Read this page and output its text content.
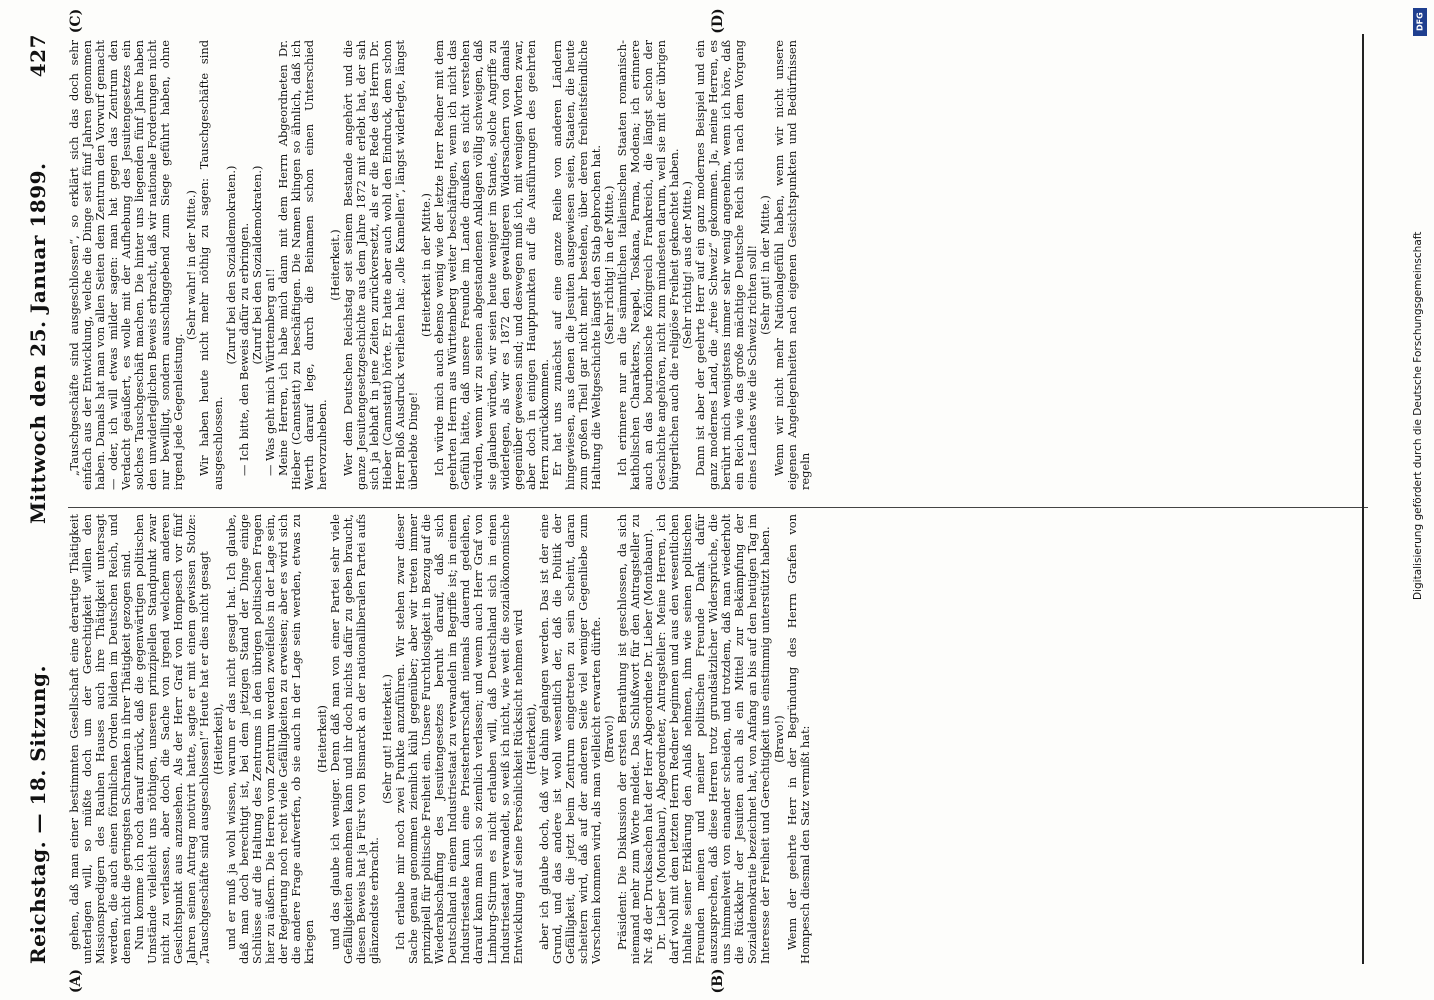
Reichstag. — 18. Sitzung.
Mittwoch den 25. Januar 1899.
427
(A)	(B)
(C)	(D)

gehen, daß man einer bestimmten Gesellschaft eine derartige Thätigkeit unterlagen will, so müßte doch um der Gerechtigkeit willen den Missionspredigern des Rauhen Hauses auch ihre Thätigkeit untersagt werden, die auch einen förmlichen Orden bilden im Deutschen Reich, und denen nicht die geringsten Schranken in ihrer Thätigkeit gezogen sind. Nun komme ich noch darauf zurück, daß die gegenwärtigen politischen Umstände vielleicht uns nöthigen, unseren prinzipiellen Standpunkt zwar nicht zu verlassen, aber doch die Sache von irgend welchem anderen Gesichtspunkt aus anzusehen. Als der Herr Graf von Hompesch vor fünf Jahren seinen Antrag motivirt hatte, sagte er mit einem gewissen Stolze: „Tauschgeschäfte sind ausgeschlossen!“ Heute hat er dies nicht gesagt (Heiterkeit), und er muß ja wohl wissen, warum er das nicht gesagt hat. Ich glaube, daß man doch berechtigt ist, bei dem jetzigen Stand der Dinge einige Schlüsse auf die Haltung des Zentrums in den übrigen politischen Fragen hier zu äußern. Die Herren vom Zentrum werden zweifellos in der Lage sein, der Regierung noch recht viele Gefälligkeiten zu erweisen; aber es wird sich die andere Frage aufwerfen, ob sie auch in der Lage sein werden, etwas zu kriegen

(Heiterkeit) und das glaube ich weniger. Denn daß man von einer Partei sehr viele Gefälligkeiten annehmen kann und ihr doch nichts dafür zu geben braucht, diesen Beweis hat ja Fürst von Bismarck an der nationalliberalen Partei aufs glänzendste erbracht.

(Sehr gut! Heiterkeit.) Ich erlaube mir noch zwei Punkte anzuführen. Wir stehen zwar dieser Sache genau genommen ziemlich kühl gegenüber; aber wir treten immer prinzipiell für politische Freiheit ein. Unsere Furchtlosigkeit in Bezug auf die Wiederabschaffung des Jesuitengesetzes beruht darauf, daß sich Deutschland in einem Industriestaat zu verwandeln im Begriffe ist; in einem Industriestaate kann eine Priesterherrschaft niemals dauernd gedeihen, darauf kann man sich so ziemlich verlassen; und wenn auch Herr Graf von Limburg-Stirum es nicht erlauben will, daß Deutschland sich in einen Industriestaat verwandelt, so weiß ich nicht, wie weit die sozialökonomische Entwicklung auf seine Persönlichkeit Rücksicht nehmen wird (Heiterkeit), aber ich glaube doch, daß wir dahin gelangen werden. Das ist der eine Grund, und das andere ist wohl wesentlich der, daß die Politik der Gefälligkeit, die jetzt beim Zentrum eingetreten zu sein scheint, daran scheitern wird, daß auf der anderen Seite viel weniger Gegenliebe zum Vorschein kommen wird, als man vielleicht erwarten dürfte. (Bravo!) Präsident: Die Diskussion der ersten Berathung ist geschlossen, da sich niemand mehr zum Worte meldet. Das Schlußwort für den Antragsteller zu Nr. 48 der Drucksachen hat der Herr Abgeordnete Dr. Lieber (Montabaur). Dr. Lieber (Montabaur), Abgeordneter, Antragsteller: Meine Herren, ich darf wohl mit dem letzten Herrn Redner beginnen und aus den wesentlichen Inhalte seiner Erklärung den Anlaß nehmen, ihm wie seinen politischen Freunden meinen und meiner politischen Freunde Dank dafür auszusprechen, daß diese Herren trotz grundsätzlicher Widersprüche, die uns himmelweit von einander scheiden, und trotzdem, daß man wiederholt die Rückkehr der Jesuiten auch als ein Mittel zur Bekämpfung der Sozialdemokratie bezeichnet hat, von Anfang an bis auf den heutigen Tag im Interesse der Freiheit und Gerechtigkeit uns einstimmig unterstützt haben. (Bravo!) Wenn der geehrte Herr in der Begründung des Herrn Grafen von Hompesch diesmal den Satz vermißt hat:

„Tauschgeschäfte sind ausgeschlossen“, so erklärt sich das doch sehr einfach aus der Entwicklung, welche die Dinge seit fünf Jahren genommen haben. Damals hat man von allen Seiten dem Zentrum den Vorwurf gemacht — oder, ich will etwas milder sagen: man hat gegen das Zentrum den Verdacht geäußert, es wolle mit der Aufhebung des Jesuitengesetzes ein solches Tauschgeschäft machen. Die hinter uns liegenden fünf Jahre haben den unwiderleglichen Beweis erbracht, daß wir nationale Forderungen nicht nur bewilligt, sondern ausschlaggebend zum Siege geführt haben, ohne irgend jede Gegenleistung.

(Sehr wahr! in der Mitte.) Wir haben heute nicht mehr nöthig zu sagen: Tauschgeschäfte sind ausgeschlossen.

(Zuruf bei den Sozialdemokraten.) — Ich bitte, den Beweis dafür zu erbringen. (Zuruf bei den Sozialdemokraten.)

— Was geht mich Württemberg an!! Meine Herren, ich habe mich dann mit dem Herrn Abgeordneten Dr. Hieber (Cannstatt) zu beschäftigen. Die Namen klingen so ähnlich, daß ich Werth darauf lege, durch die Beinamen schon einen Unterschied hervorzuheben.

(Heiterkeit.) Wer dem Deutschen Reichstag seit seinem Bestande angehört und die ganze Jesuitengesetzgeschichte aus dem Jahre 1872 mit erlebt hat, der sah sich ja lebhaft in jene Zeiten zurückversetzt, als er die Rede des Herrn Dr. Hieber (Cannstatt) hörte. Er hatte aber auch wohl den Eindruck, dem schon Herr Bloß Ausdruck verliehen hat: „olle Kamellen“, längst widerlegte, längst überlebte Dinge!

(Heiterkeit in der Mitte.) Ich würde mich auch ebenso wenig wie der letzte Herr Redner mit dem geehrten Herrn aus Württemberg weiter beschäftigen, wenn ich nicht das Gefühl hätte, daß unsere Freunde im Lande draußen es nicht verstehen würden, wenn wir zu seinen abgestandenen Anklagen völlig schweigen, daß sie glauben würden, wir seien heute weniger im Stande, solche Angriffe zu widerlegen, als wir es 1872 den gewaltigeren Widersachern von damals gegenüber gewesen sind; und deswegen muß ich, mit wenigen Worten zwar, aber doch in einigen Hauptpunkten auf die Ausführungen des geehrten Herrn zurückkommen. Er hat uns zunächst auf eine ganze Reihe von anderen Ländern hingewiesen, aus denen die Jesuiten ausgewiesen seien, Staaten, die heute zum großen Theil gar nicht mehr bestehen, über deren freiheitsfeindliche Haltung die Weltgeschichte längst den Stab gebrochen hat. (Sehr richtig! in der Mitte.) Ich erinnere nur an die sämmtlichen italienischen Staaten romanisch-katholischen Charakters, Neapel, Toskana, Parma, Modena; ich erinnere auch an das bourbonische Königreich Frankreich, die längst schon der Geschichte angehören, nicht zum mindesten darum, weil sie mit der übrigen bürgerlichen auch die religiöse Freiheit geknechtet haben. (Sehr richtig! aus der Mitte.) Dann ist aber der geehrte Herr auf ein ganz modernes Beispiel und ein ganz modernes Land, die „freie Schweiz“ gekommen. Ja, meine Herren, es berührt mich wenigstens immer sehr wenig angenehm, wenn ich höre, daß ein Reich wie das große mächtige Deutsche Reich sich nach dem Vorgang eines Landes wie die Schweiz richten soll! (Sehr gut! in der Mitte.) Wenn wir nicht mehr Nationalgefühl haben, wenn wir nicht unsere eigenen Angelegenheiten nach eigenen Gesichtspunkten und Bedürfnissen regeln

DFG
Digitalisierung gefördert durch die Deutsche Forschungsgemeinschaft
